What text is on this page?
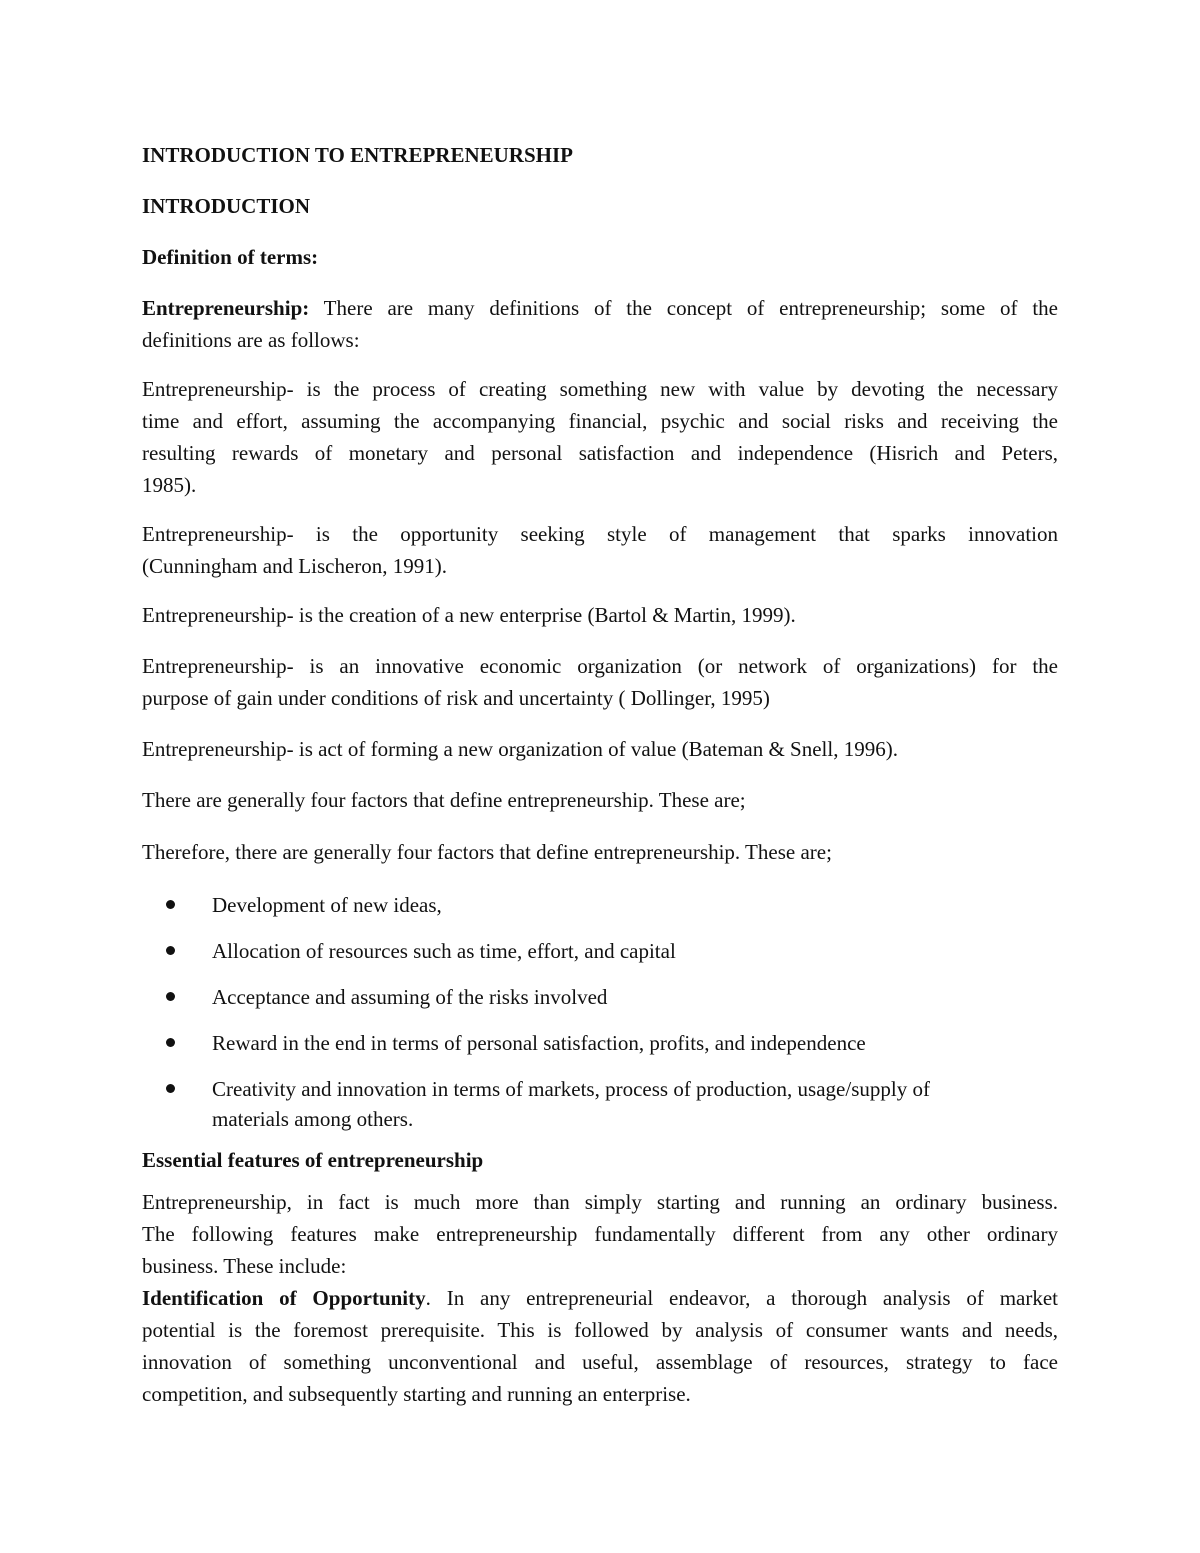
INTRODUCTION TO ENTREPRENEURSHIP
INTRODUCTION
Definition of terms:
Entrepreneurship: There are many definitions of the concept of entrepreneurship; some of the
definitions are as follows:
Entrepreneurship- is the process of creating something new with value by devoting the necessary
time and effort, assuming the accompanying financial, psychic and social risks and receiving the
resulting rewards of monetary and personal satisfaction and independence (Hisrich and Peters,
1985).
Entrepreneurship- is the opportunity seeking style of management that sparks innovation
(Cunningham and Lischeron, 1991).
Entrepreneurship- is the creation of a new enterprise (Bartol & Martin, 1999).
Entrepreneurship- is an innovative economic organization (or network of organizations) for the
purpose of gain under conditions of risk and uncertainty ( Dollinger, 1995)
Entrepreneurship- is act of forming a new organization of value (Bateman & Snell, 1996).
There are generally four factors that define entrepreneurship. These are;
Therefore, there are generally four factors that define entrepreneurship. These are;
Development of new ideas,
Allocation of resources such as time, effort, and capital
Acceptance and assuming of the risks involved
Reward in the end in terms of personal satisfaction, profits, and independence
Creativity and innovation in terms of markets, process of production, usage/supply of materials among others.
Essential features of entrepreneurship
Entrepreneurship, in fact is much more than simply starting and running an ordinary business.
The following features make entrepreneurship fundamentally different from any other ordinary
business. These include:
Identification of Opportunity. In any entrepreneurial endeavor, a thorough analysis of market
potential is the foremost prerequisite. This is followed by analysis of consumer wants and needs,
innovation of something unconventional and useful, assemblage of resources, strategy to face
competition, and subsequently starting and running an enterprise.
